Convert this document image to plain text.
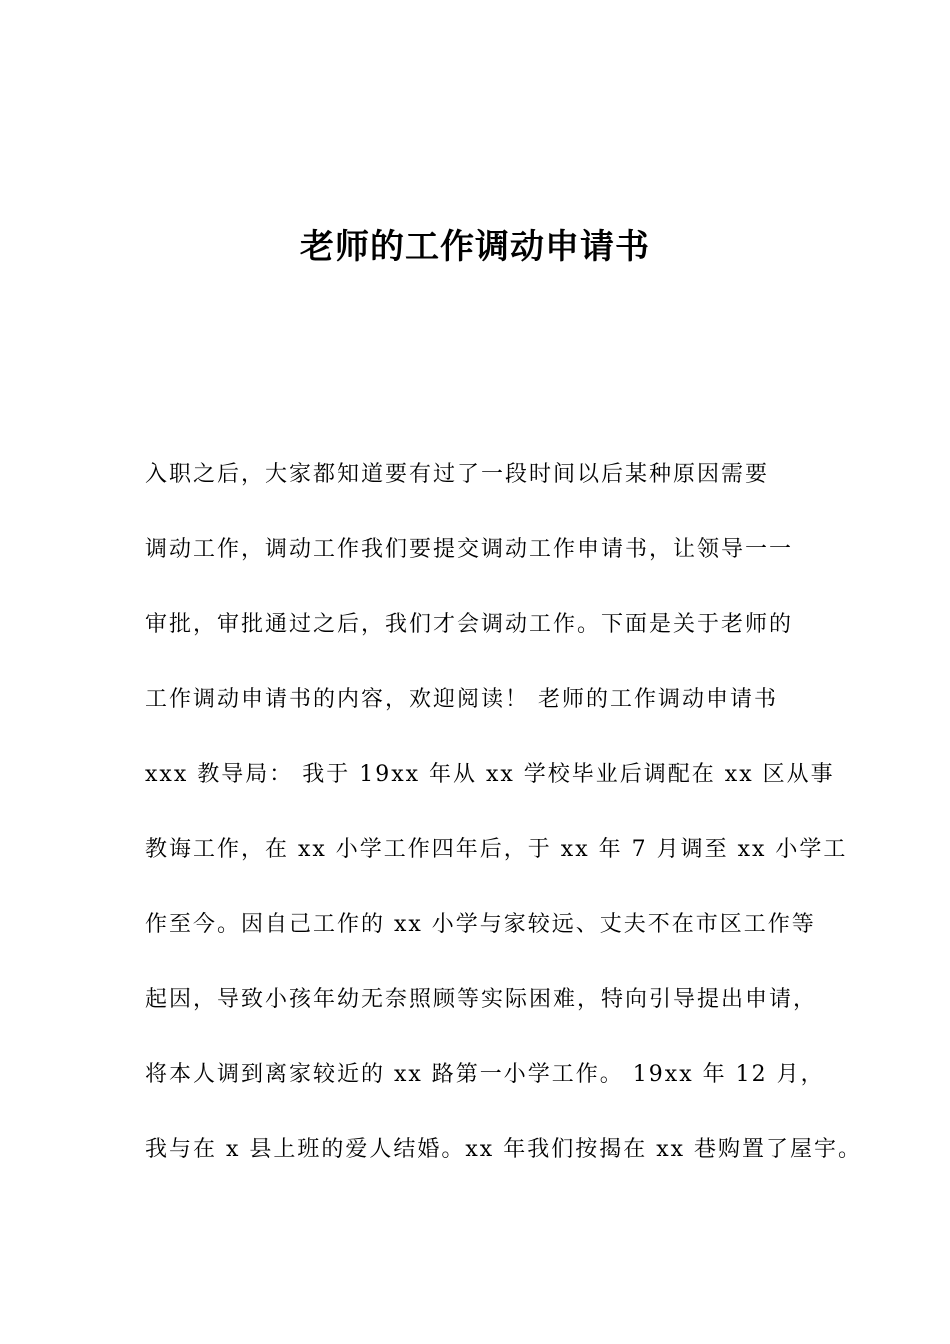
老师的工作调动申请书
入职之后，大家都知道要有过了一段时间以后某种原因需要
调动工作，调动工作我们要提交调动工作申请书，让领导一一
审批，审批通过之后，我们才会调动工作。下面是关于老师的
工作调动申请书的内容，欢迎阅读！ 老师的工作调动申请书
xxx 教导局： 我于 19xx 年从 xx 学校毕业后调配在 xx 区从事
教诲工作，在 xx 小学工作四年后，于 xx 年 7 月调至 xx 小学工
作至今。因自己工作的 xx 小学与家较远、丈夫不在市区工作等
起因，导致小孩年幼无奈照顾等实际困难，特向引导提出申请，
将本人调到离家较近的 xx 路第一小学工作。 19xx 年 12 月，
我与在 x 县上班的爱人结婚。xx 年我们按揭在 xx 巷购置了屋宇。
